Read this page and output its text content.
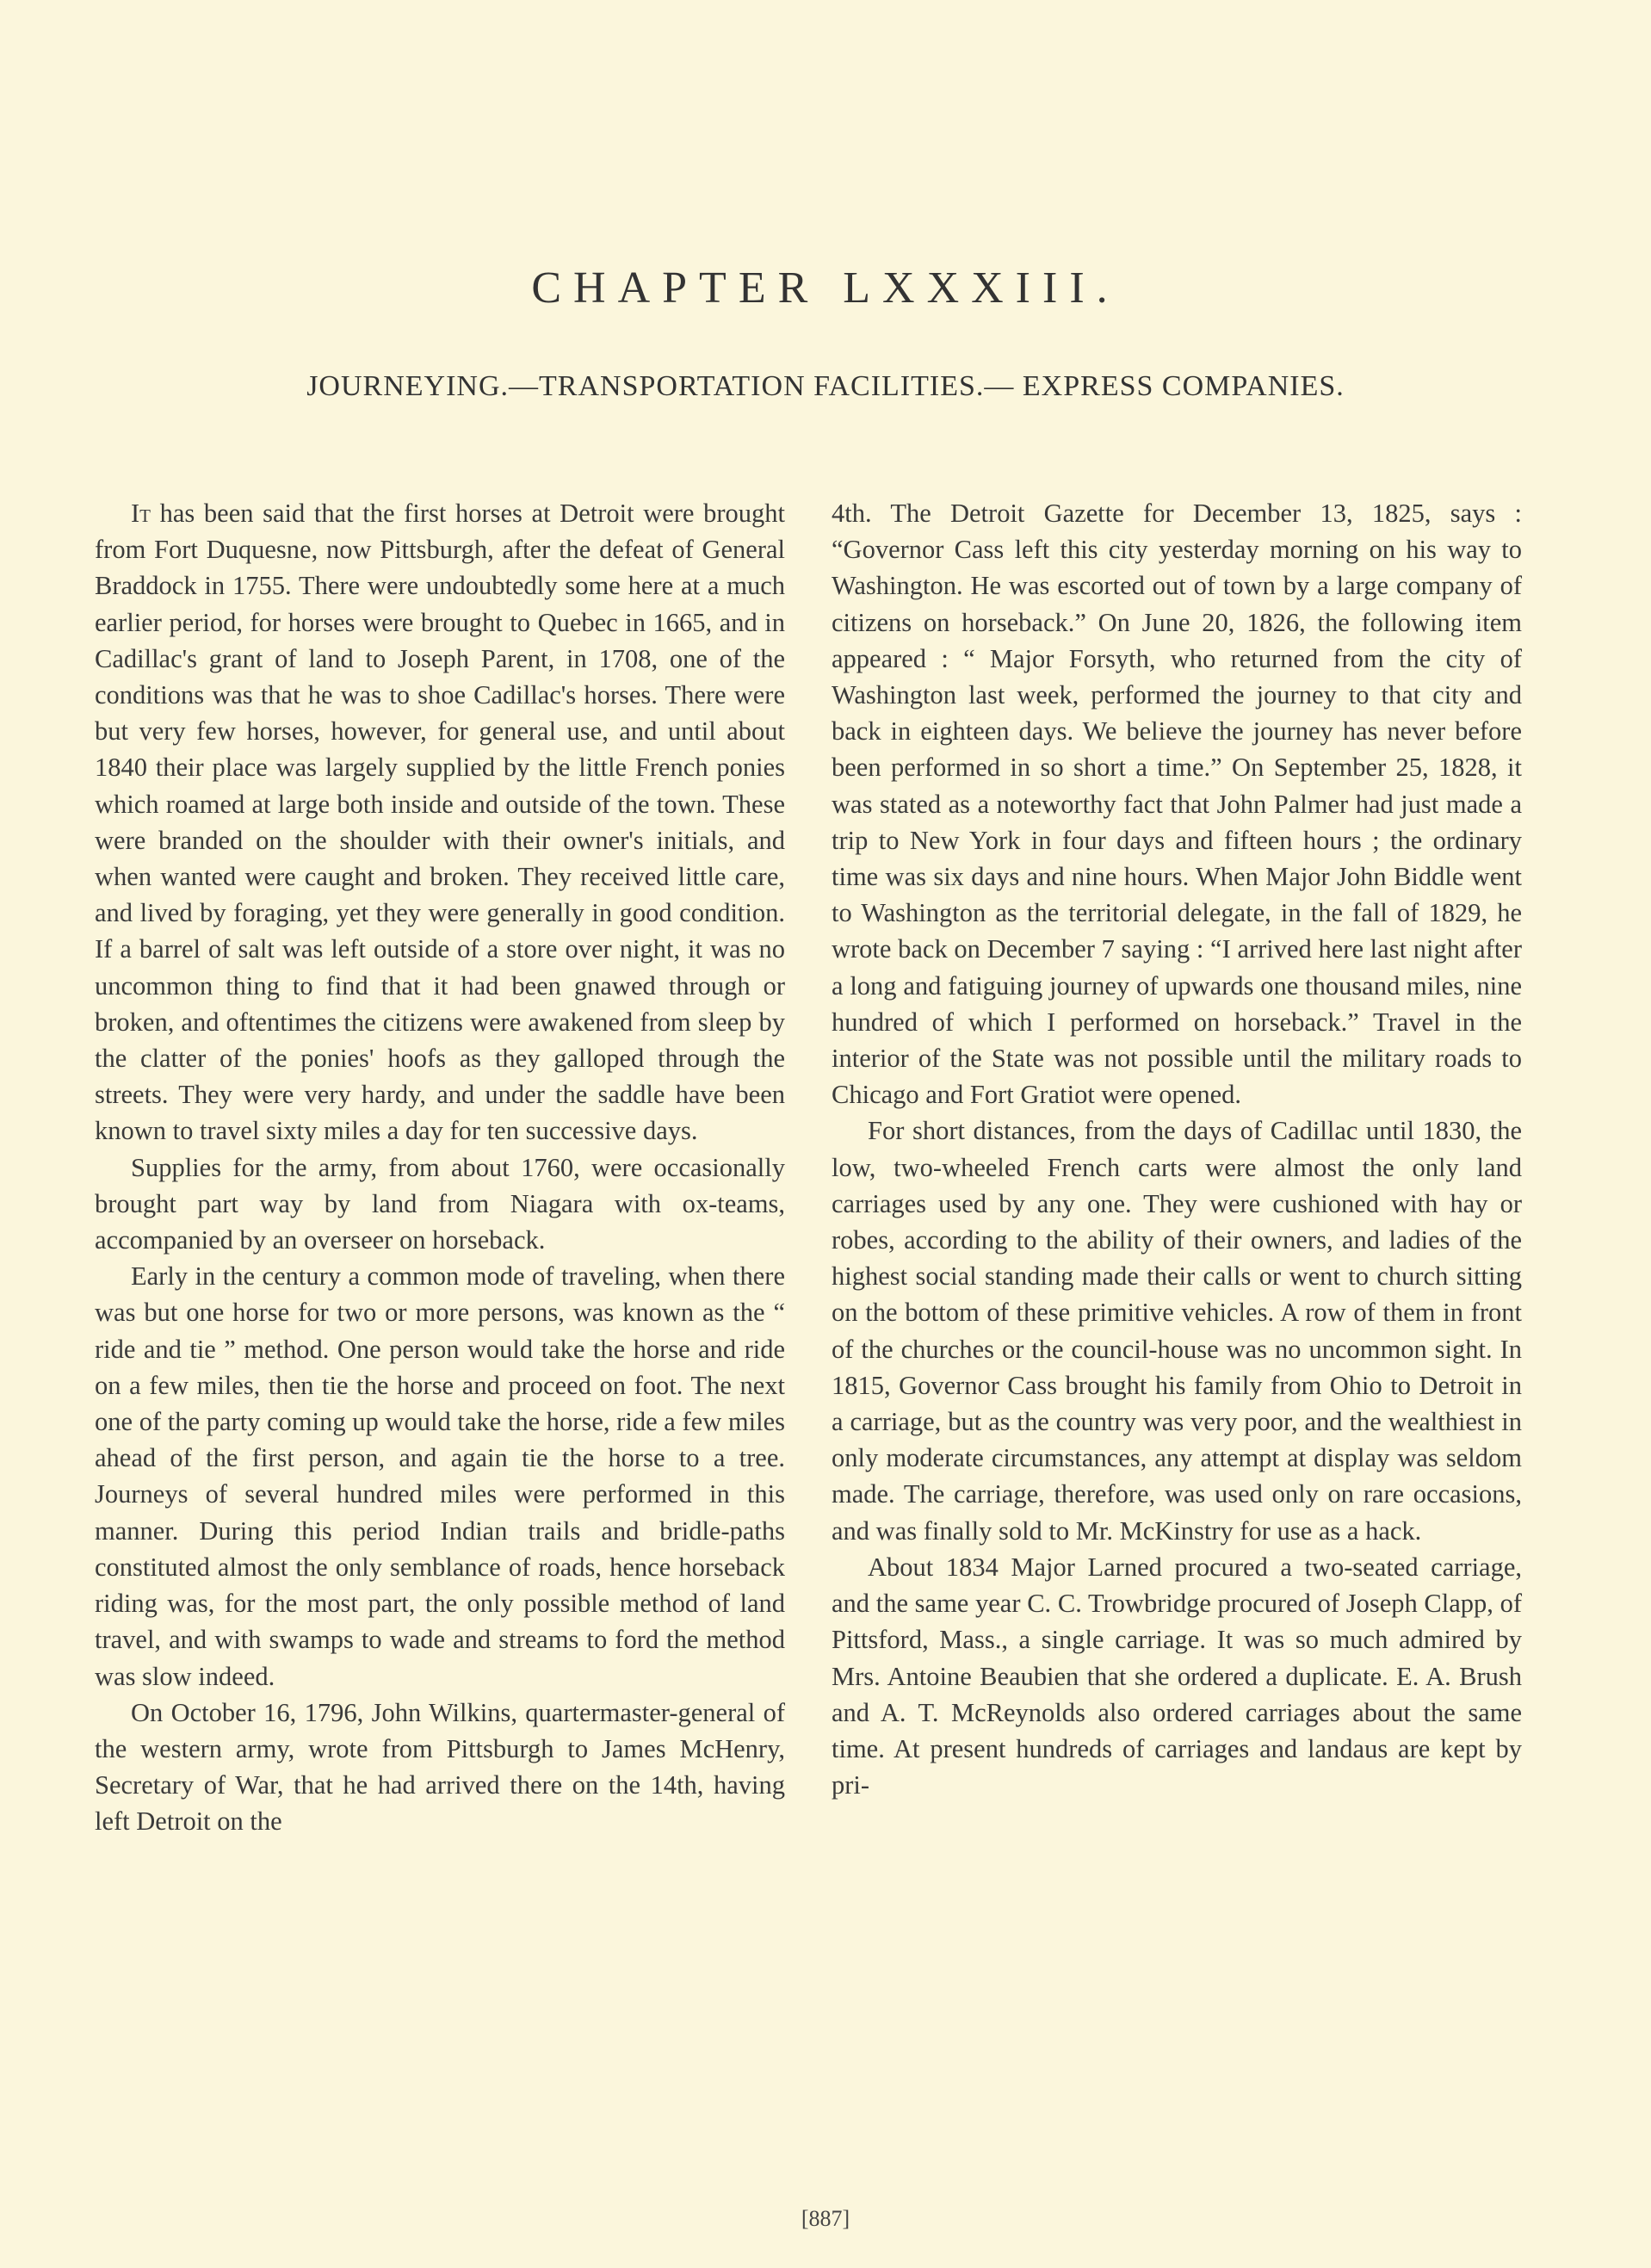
CHAPTER LXXXIII.
JOURNEYING.—TRANSPORTATION FACILITIES.— EXPRESS COMPANIES.

It has been said that the first horses at Detroit were brought from Fort Duquesne, now Pittsburgh, after the defeat of General Braddock in 1755. There were undoubtedly some here at a much earlier period, for horses were brought to Quebec in 1665, and in Cadillac's grant of land to Joseph Parent, in 1708, one of the conditions was that he was to shoe Cadillac's horses. There were but very few horses, however, for general use, and until about 1840 their place was largely supplied by the little French ponies which roamed at large both inside and outside of the town. These were branded on the shoulder with their owner's initials, and when wanted were caught and broken. They received little care, and lived by foraging, yet they were generally in good condition. If a barrel of salt was left outside of a store over night, it was no uncommon thing to find that it had been gnawed through or broken, and oftentimes the citizens were awakened from sleep by the clatter of the ponies' hoofs as they galloped through the streets. They were very hardy, and under the saddle have been known to travel sixty miles a day for ten successive days.

Supplies for the army, from about 1760, were occasionally brought part way by land from Niagara with ox-teams, accompanied by an overseer on horseback.

Early in the century a common mode of traveling, when there was but one horse for two or more persons, was known as the “ ride and tie ” method. One person would take the horse and ride on a few miles, then tie the horse and proceed on foot. The next one of the party coming up would take the horse, ride a few miles ahead of the first person, and again tie the horse to a tree. Journeys of several hundred miles were performed in this manner. During this period Indian trails and bridle-paths constituted almost the only semblance of roads, hence horseback riding was, for the most part, the only possible method of land travel, and with swamps to wade and streams to ford the method was slow indeed.

On October 16, 1796, John Wilkins, quartermaster-general of the western army, wrote from Pittsburgh to James McHenry, Secretary of War, that he had arrived there on the 14th, having left Detroit on the

4th. The Detroit Gazette for December 13, 1825, says : “Governor Cass left this city yesterday morning on his way to Washington. He was escorted out of town by a large company of citizens on horseback.” On June 20, 1826, the following item appeared : “ Major Forsyth, who returned from the city of Washington last week, performed the journey to that city and back in eighteen days. We believe the journey has never before been performed in so short a time.” On September 25, 1828, it was stated as a noteworthy fact that John Palmer had just made a trip to New York in four days and fifteen hours ; the ordinary time was six days and nine hours. When Major John Biddle went to Washington as the territorial delegate, in the fall of 1829, he wrote back on December 7 saying : “I arrived here last night after a long and fatiguing journey of upwards one thousand miles, nine hundred of which I performed on horseback.” Travel in the interior of the State was not possible until the military roads to Chicago and Fort Gratiot were opened.

For short distances, from the days of Cadillac until 1830, the low, two-wheeled French carts were almost the only land carriages used by any one. They were cushioned with hay or robes, according to the ability of their owners, and ladies of the highest social standing made their calls or went to church sitting on the bottom of these primitive vehicles. A row of them in front of the churches or the council-house was no uncommon sight. In 1815, Governor Cass brought his family from Ohio to Detroit in a carriage, but as the country was very poor, and the wealthiest in only moderate circumstances, any attempt at display was seldom made. The carriage, therefore, was used only on rare occasions, and was finally sold to Mr. McKinstry for use as a hack.

About 1834 Major Larned procured a two-seated carriage, and the same year C. C. Trowbridge procured of Joseph Clapp, of Pittsford, Mass., a single carriage. It was so much admired by Mrs. Antoine Beaubien that she ordered a duplicate. E. A. Brush and A. T. McReynolds also ordered carriages about the same time. At present hundreds of carriages and landaus are kept by pri-

[887]
